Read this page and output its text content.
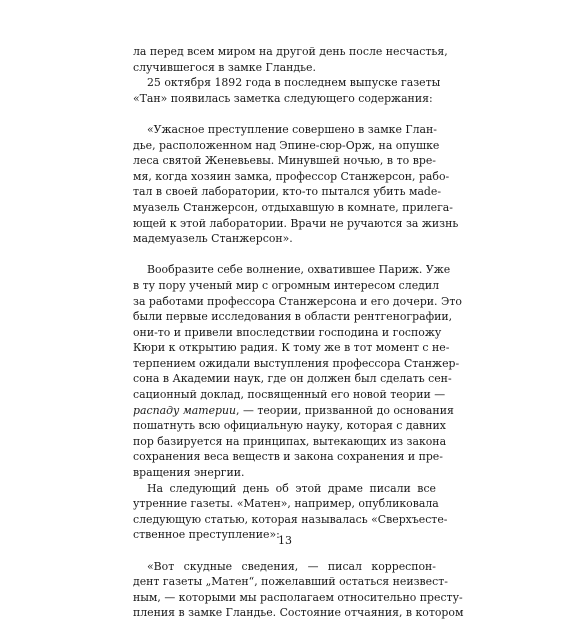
ла перед всем миром на другой день после несчастья,
случившегося в замке Гландье.
25 октября 1892 года в последнем выпуске газеты
«Тан» появилась заметка следующего содержания:
«Ужасное преступление совершено в замке Глан-
дье, расположенном над Эпине-сюр-Орж, на опушке
леса святой Женевьевы. Минувшей ночью, в то вре-
мя, когда хозяин замка, профессор Станжерсон, рабо-
тал в своей лаборатории, кто-то пытался убить мade-
муазель Станжерсон, отдыхавшую в комнате, прилега-
ющей к этой лаборатории. Врачи не ручаются за жизнь
мадемуазель Станжерсон».
Вообразите себе волнение, охватившее Париж. Уже
в ту пору ученый мир с огромным интересом следил
за работами профессора Станжерсона и его дочери. Это
были первые исследования в области рентгенографии,
они-то и привели впоследствии господина и госпожу
Кюри к открытию радия. К тому же в тот момент с не-
терпением ожидали выступления профессора Станжер-
сона в Академии наук, где он должен был сделать сен-
сационный доклад, посвященный его новой теории —
распаду материи, — теории, призванной до основания
пошатнуть всю официальную науку, которая с давних
пор базируется на принципах, вытекающих из закона
сохранения веса веществ и закона сохранения и пре-
вращения энергии.
На следующий день об этой драме писали все
утренние газеты. «Матен», например, опубликовала
следующую статью, которая называлась «Сверхъесте-
ственное преступление»:
«Вот скудные сведения, — писал корреспон-
дент газеты „Матен“, пожелавший остаться неизвест-
ным, — которыми мы располагаем относительно престу-
пления в замке Гландье. Состояние отчаяния, в котором
13
